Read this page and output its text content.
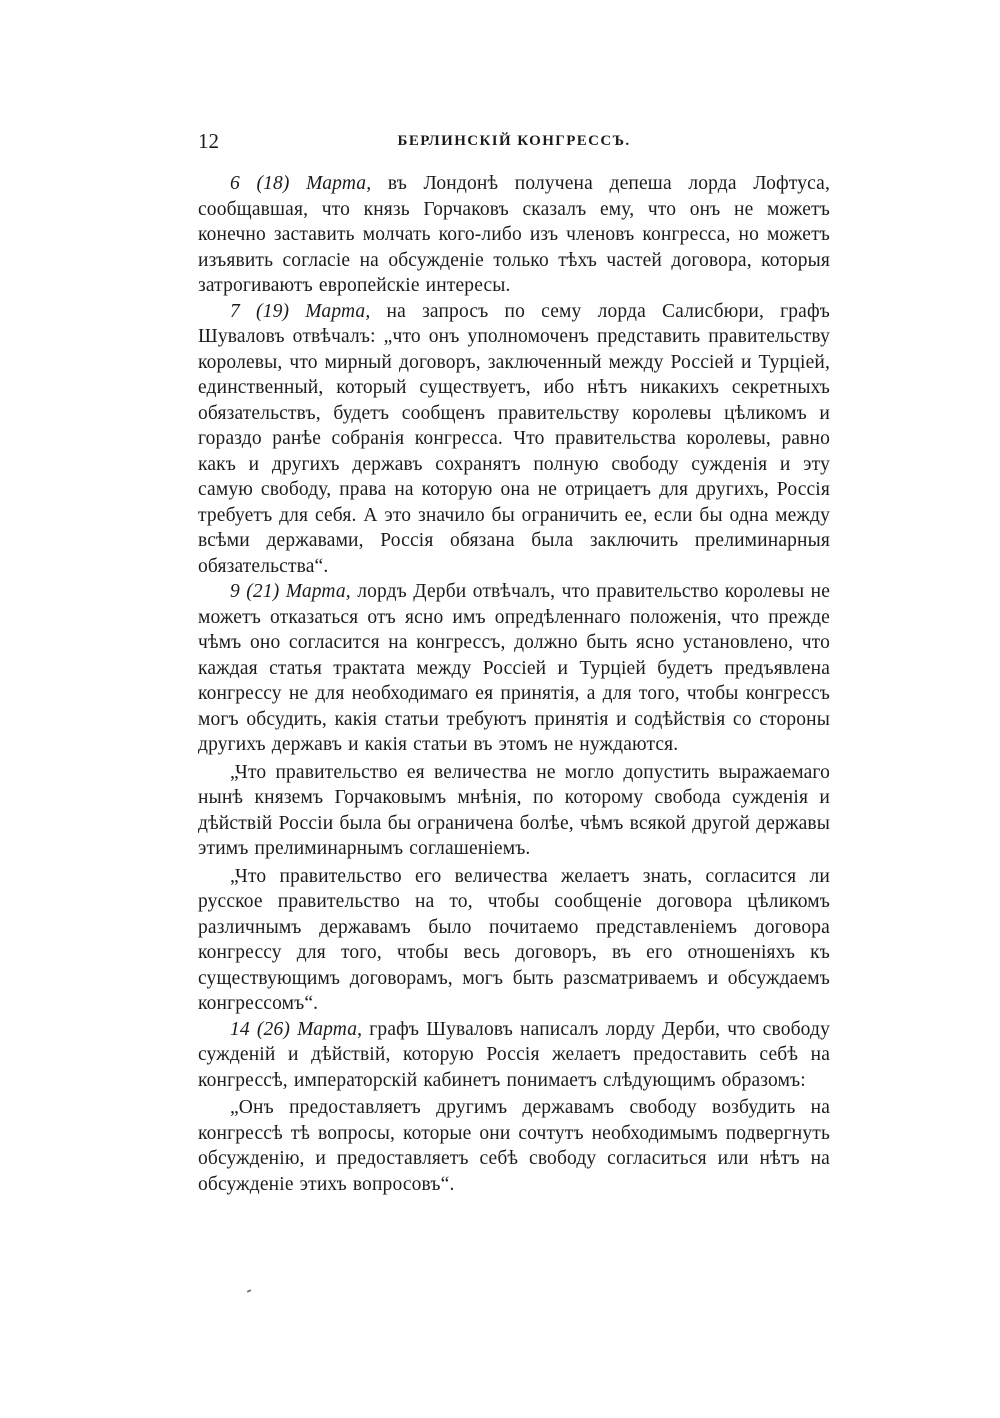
12	БЕРЛИНСКІЙ КОНГРЕССЪ.

6 (18) Марта, въ Лондонѣ получена депеша лорда Лофтуса, сообщавшая, что князь Горчаковъ сказалъ ему, что онъ не можетъ конечно заставить молчать кого-либо изъ членовъ конгресса, но можетъ изъявить согласіе на обсужденіе только тѣхъ частей договора, которыя затрогиваютъ европейскіе интересы.

7 (19) Марта, на запросъ по сему лорда Салисбюри, графъ Шуваловъ отвѣчалъ: „что онъ уполномоченъ представить правительству королевы, что мирный договоръ, заключенный между Россіей и Турціей, единственный, который существуетъ, ибо нѣтъ никакихъ секретныхъ обязательствъ, будетъ сообщенъ правительству королевы цѣликомъ и гораздо ранѣе собранія конгресса. Что правительства королевы, равно какъ и другихъ державъ сохранятъ полную свободу сужденія и эту самую свободу, права на которую она не отрицаетъ для другихъ, Россія требуетъ для себя. А это значило бы ограничить ее, если бы одна между всѣми державами, Россія обязана была заключить прелиминарныя обязательства“.

9 (21) Марта, лордъ Дерби отвѣчалъ, что правительство королевы не можетъ отказаться отъ ясно имъ опредѣленнаго положенія, что прежде чѣмъ оно согласится на конгрессъ, должно быть ясно установлено, что каждая статья трактата между Россіей и Турціей будетъ предъявлена конгрессу не для необходимаго ея принятія, а для того, чтобы конгрессъ могъ обсудить, какія статьи требуютъ принятія и содѣйствія со стороны другихъ державъ и какія статьи въ этомъ не нуждаются.

„Что правительство ея величества не могло допустить выражаемаго нынѣ княземъ Горчаковымъ мнѣнія, по которому свобода сужденія и дѣйствій Россіи была бы ограничена болѣе, чѣмъ всякой другой державы этимъ прелиминарнымъ соглашеніемъ.

„Что правительство его величества желаетъ знать, согласится ли русское правительство на то, чтобы сообщеніе договора цѣликомъ различнымъ державамъ было почитаемо представленіемъ договора конгрессу для того, чтобы весь договоръ, въ его отношеніяхъ къ существующимъ договорамъ, могъ быть разсматриваемъ и обсуждаемъ конгрессомъ“.

14 (26) Марта, графъ Шуваловъ написалъ лорду Дерби, что свободу сужденій и дѣйствій, которую Россія желаетъ предоставить себѣ на конгрессѣ, императорскій кабинетъ понимаетъ слѣдующимъ образомъ:

„Онъ предоставляетъ другимъ державамъ свободу возбудить на конгрессѣ тѣ вопросы, которые они сочтутъ необходимымъ подвергнуть обсужденію, и предоставляетъ себѣ свободу согласиться или нѣтъ на обсужденіе этихъ вопросовъ“.
